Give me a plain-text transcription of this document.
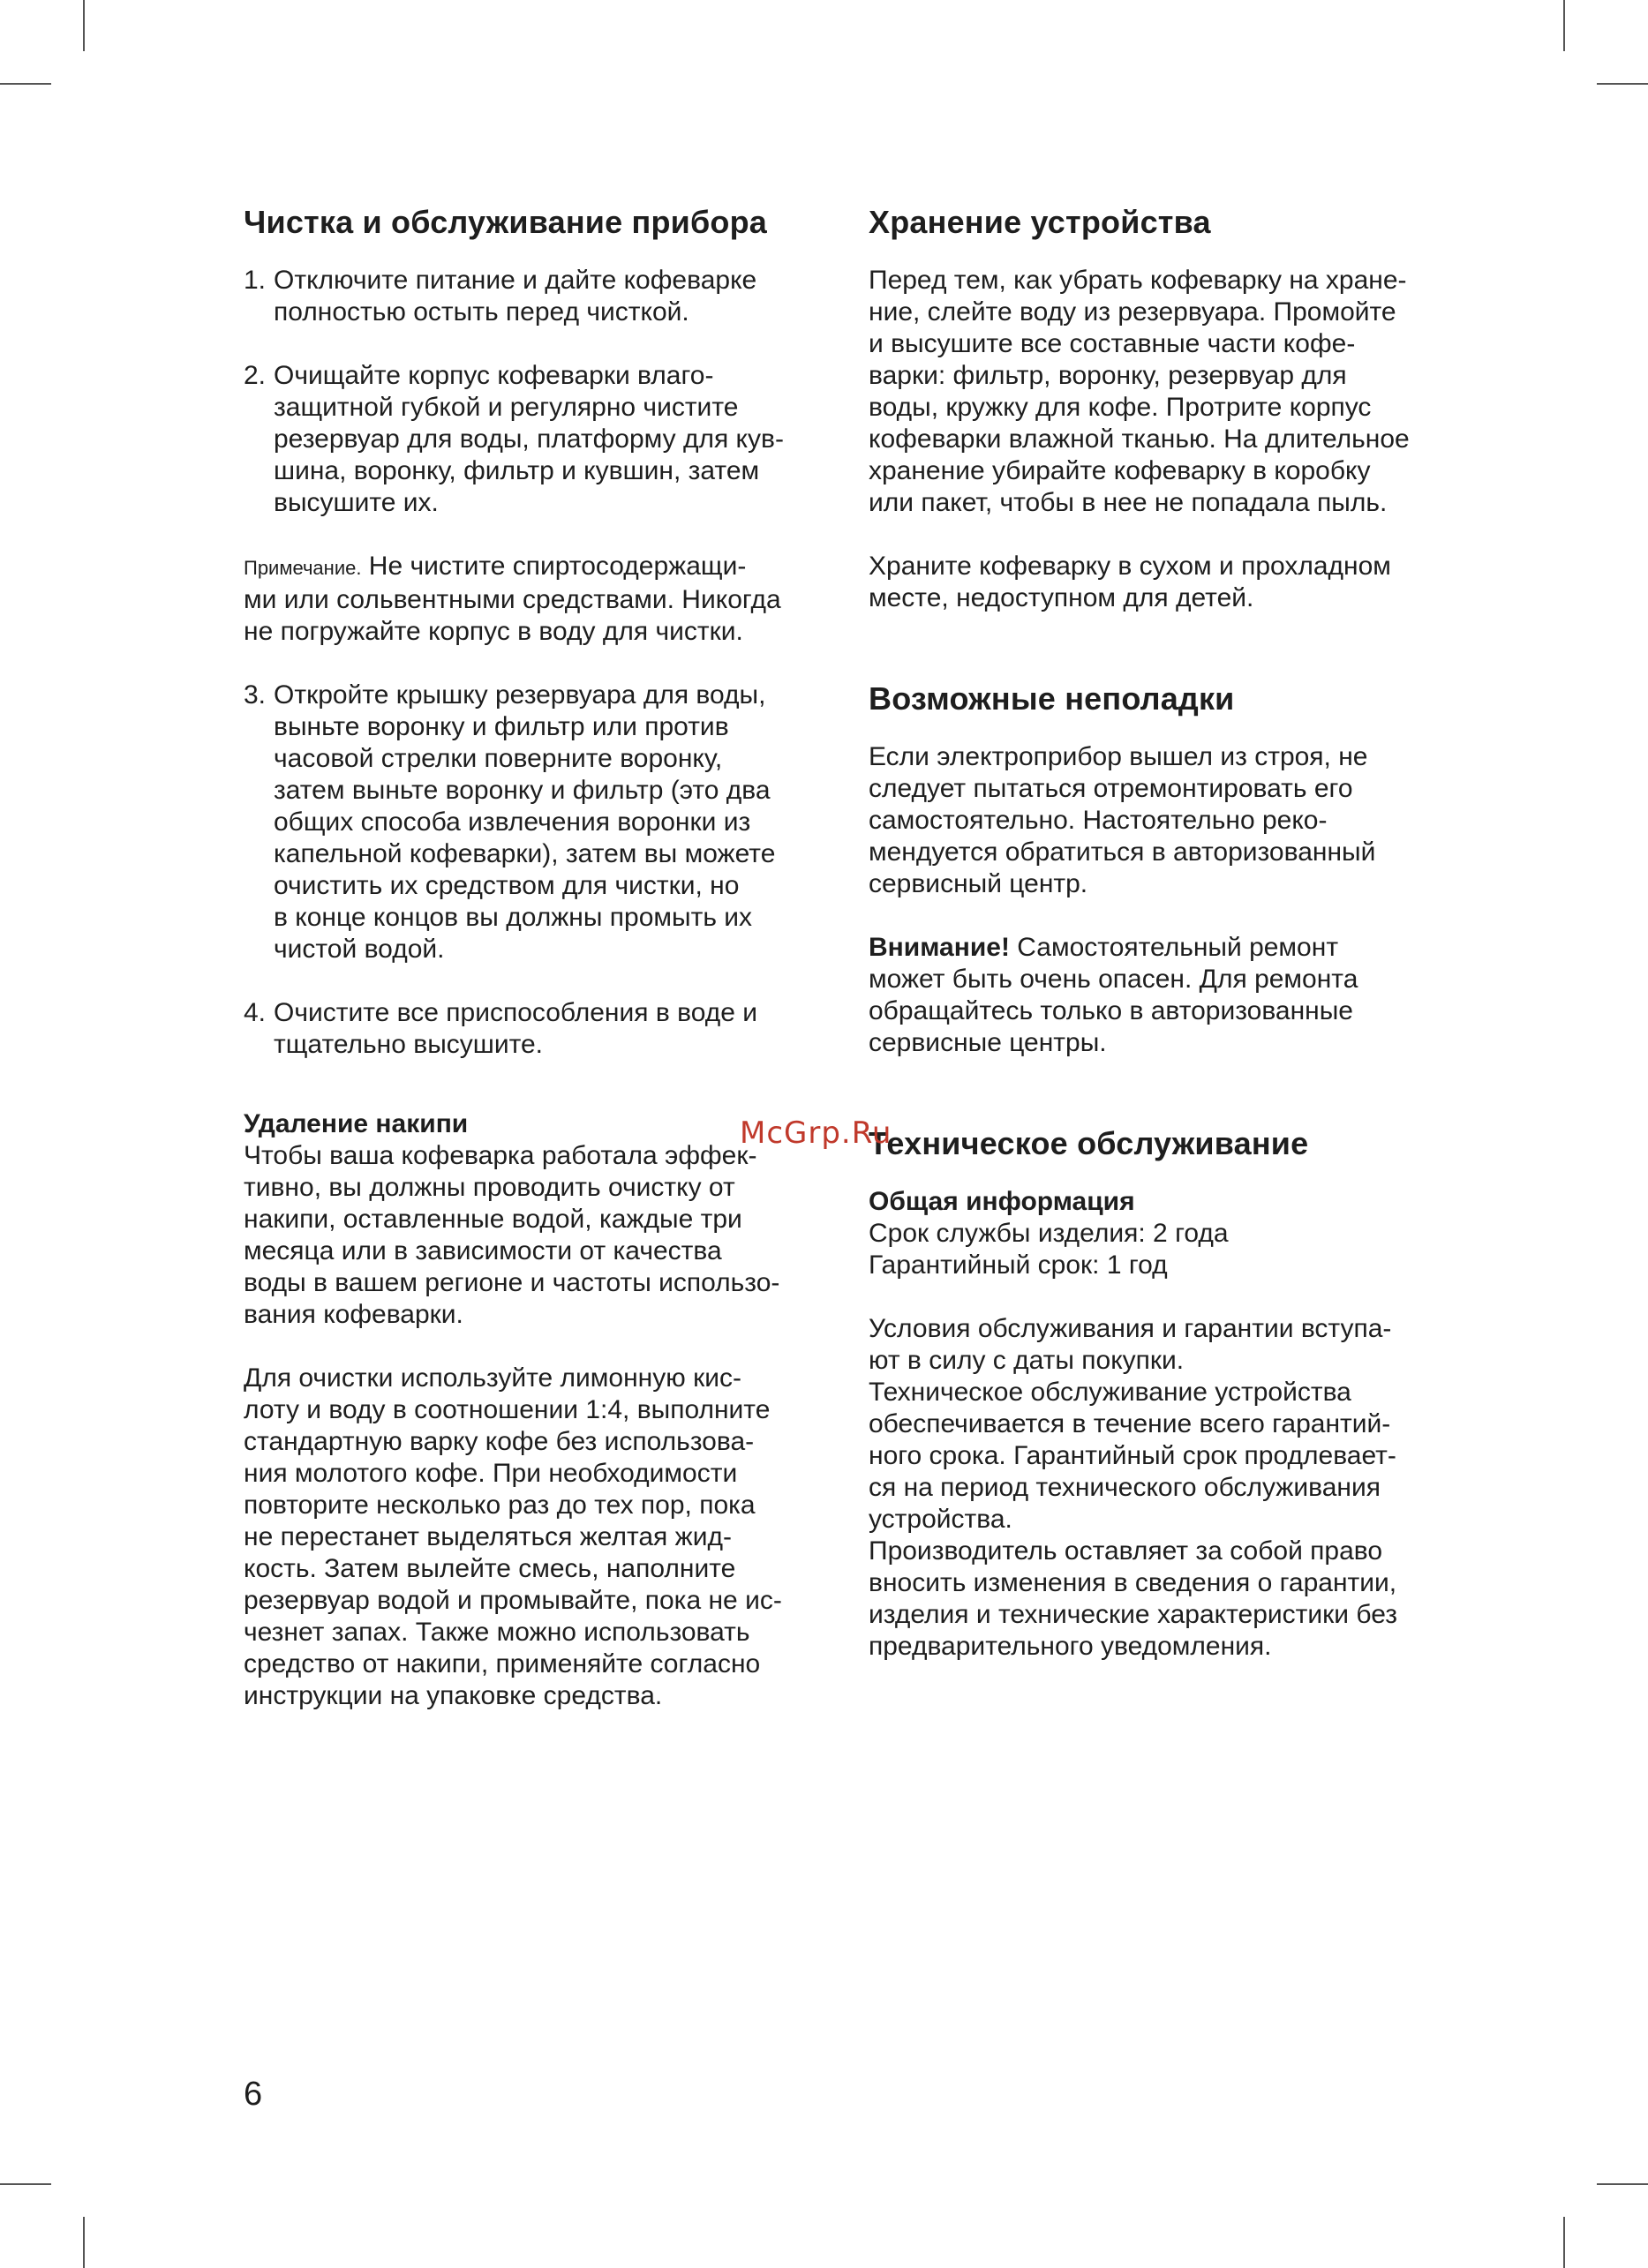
Чистка и обслуживание прибора
1. Отключите питание и дайте кофеварке
полностью остыть перед чисткой.
2. Очищайте корпус кофеварки влаго-
защитной губкой и регулярно чистите
резервуар для воды, платформу для кув-
шина, воронку, фильтр и кувшин, затем
высушите их.

Примечание. Не чистите спиртосодержащи-
ми или сольвентными средствами. Никогда
не погружайте корпус в воду для чистки.

3. Откройте крышку резервуара для воды,
выньте воронку и фильтр или против
часовой стрелки поверните воронку,
затем выньте воронку и фильтр (это два
общих способа извлечения воронки из
капельной кофеварки), затем вы можете
очистить их средством для чистки, но
в конце концов вы должны промыть их
чистой водой.
4. Очистите все приспособления в воде и
тщательно высушите.

Удаление накипи

Чтобы ваша кофеварка работала эффек-
тивно, вы должны проводить очистку от
накипи, оставленные водой, каждые три
месяца или в зависимости от качества
воды в вашем регионе и частоты использо-
вания кофеварки.

Для очистки используйте лимонную кис-
лоту и воду в соотношении 1:4, выполните
стандартную варку кофе без использова-
ния молотого кофе. При необходимости
повторите несколько раз до тех пор, пока
не перестанет выделяться желтая жид-
кость. Затем вылейте смесь, наполните
резервуар водой и промывайте, пока не ис-
чезнет запах. Также можно использовать
средство от накипи, применяйте согласно
инструкции на упаковке средства.

Хранение устройства

Перед тем, как убрать кофеварку на хране-
ние, слейте воду из резервуара. Промойте
и высушите все составные части кофе-
варки: фильтр, воронку, резервуар для
воды, кружку для кофе. Протрите корпус
кофеварки влажной тканью. На длительное
хранение убирайте кофеварку в коробку
или пакет, чтобы в нее не попадала пыль.

Храните кофеварку в сухом и прохладном
месте, недоступном для детей.

Возможные неполадки

Если электроприбор вышел из строя, не
следует пытаться отремонтировать его
самостоятельно. Настоятельно реко-
мендуется обратиться в авторизованный
сервисный центр.

Внимание! Самостоятельный ремонт
может быть очень опасен. Для ремонта
обращайтесь только в авторизованные
сервисные центры.

Техническое обслуживание

Общая информация

Срок службы изделия: 2 года
Гарантийный срок: 1 год

Условия обслуживания и гарантии вступа-
ют в силу с даты покупки.
Техническое обслуживание устройства
обеспечивается в течение всего гарантий-
ного срока. Гарантийный срок продлевает-
ся на период технического обслуживания
устройства.
Производитель оставляет за собой право
вносить изменения в сведения о гарантии,
изделия и технические характеристики без
предварительного уведомления.

McGrp.Ru
6
